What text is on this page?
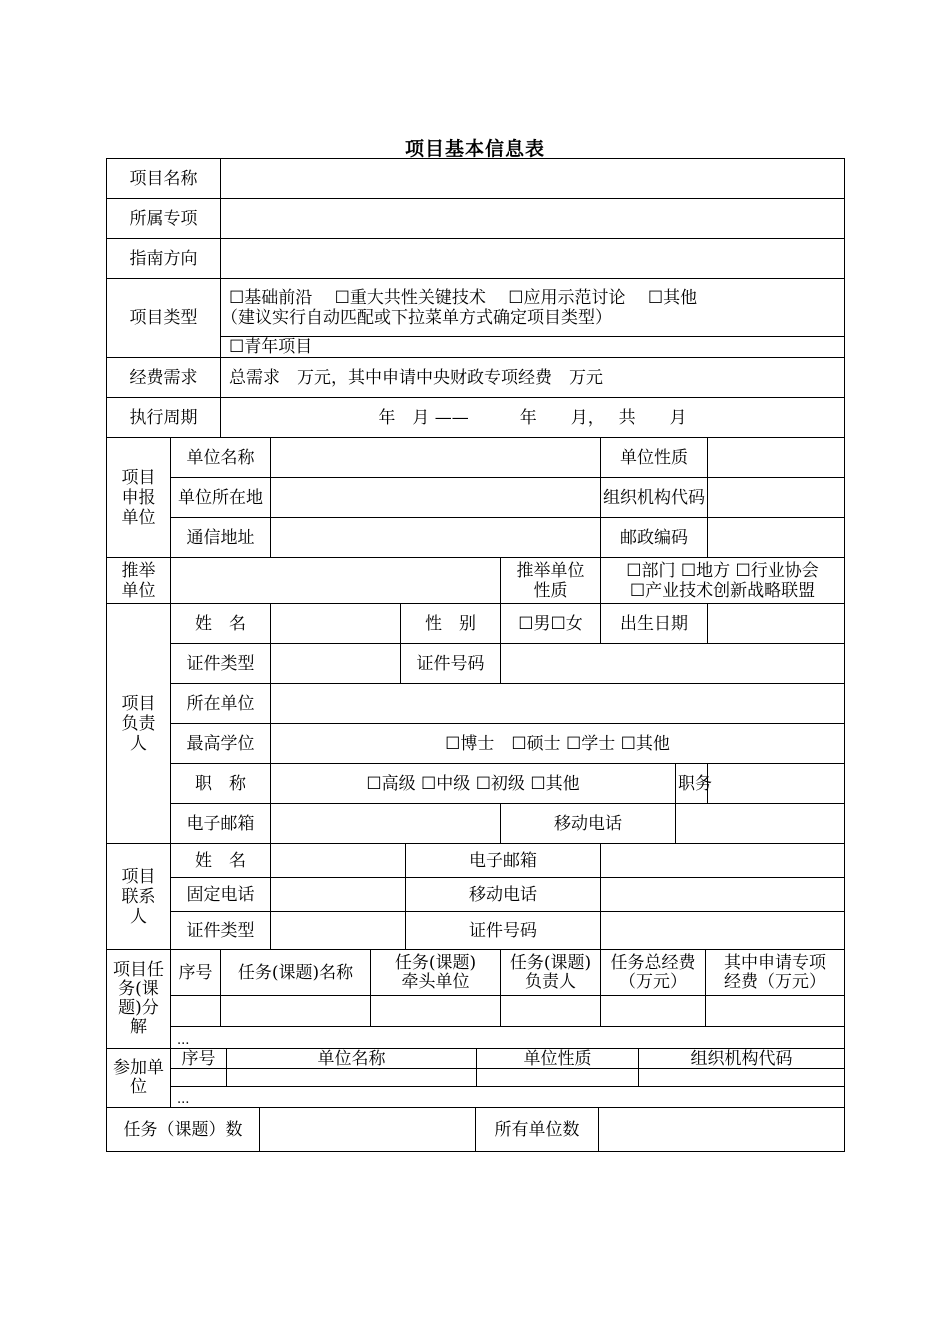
项目基本信息表
项目名称									
所属专项									
指南方向									
项目类型		☐基础前沿　 ☐重大共性关键技术　 ☐应用示范讨论　 ☐其他
（建议实行自动匹配或下拉菜单方式确定项目类型）							

		☐青年项目							
经费需求		总需求　万元，其中申请中央财政专项经费　万元							
执行周期		年　月 ——　　　年　　月，　 共　　月							
项目申报单位	单位名称						单位性质		
	单位所在地						组织机构代码		
	通信地址						邮政编码		
推举单位						推举单位性质	☐部门 ☐地方 ☐行业协会
☐产业技术创新战略联盟		

项目负责人	姓　名			性　别		☐男☐女	出生日期		
	证件类型			证件号码					
	所在单位								
	最高学位		☐博士　☐硕士 ☐学士 ☐其他						
	职　称		☐高级 ☐中级 ☐初级 ☐其他					职务	
	电子邮箱					移动电话			
项目联系人	姓　名				电子邮箱				
	固定电话				移动电话				
	证件类型				证件号码				
项目任务(课题)分解	序号	任务(课题)名称	任务(课题)牵头单位	任务(课题)负责人	任务总经费（万元）	其中申请专项经费（万元）

	...					
参加单位	序号	单位名称	单位性质	组织机构代码

	...			
任务（课题）数		所有单位数	
